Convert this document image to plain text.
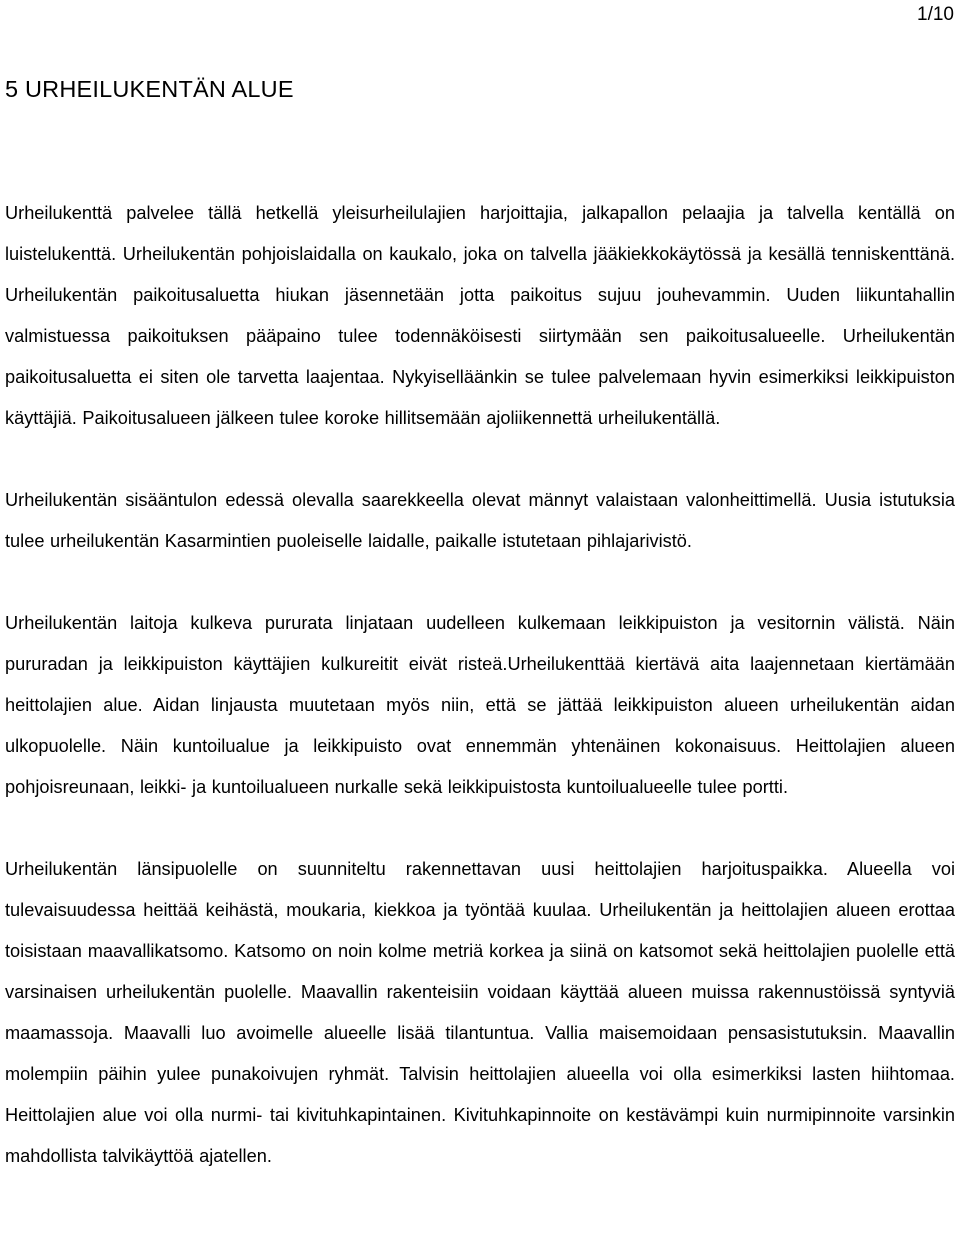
1/10
5 URHEILUKENTÄN ALUE

Urheilukenttä palvelee tällä hetkellä yleisurheilulajien harjoittajia, jalkapallon pelaajia ja talvella kentällä on luistelukenttä. Urheilukentän pohjoislaidalla on kaukalo, joka on talvella jääkiekkokäytössä ja kesällä tenniskenttänä. Urheilukentän paikoitusaluetta hiukan jäsennetään jotta paikoitus sujuu jouhevammin. Uuden liikuntahallin valmistuessa paikoituksen pääpaino tulee todennäköisesti siirtymään sen paikoitusalueelle. Urheilukentän paikoitusaluetta ei siten ole tarvetta laajentaa. Nykyiselläänkin se tulee palvelemaan hyvin esimerkiksi leikkipuiston käyttäjiä. Paikoitusalueen jälkeen tulee koroke hillitsemään ajoliikennettä urheilukentällä.

Urheilukentän sisääntulon edessä olevalla saarekkeella olevat männyt valaistaan valonheittimellä. Uusia istutuksia tulee urheilukentän Kasarmintien puoleiselle laidalle, paikalle istutetaan pihlajarivistö.

Urheilukentän laitoja kulkeva pururata linjataan uudelleen kulkemaan leikkipuiston ja vesitornin välistä. Näin pururadan ja leikkipuiston käyttäjien kulkureitit eivät risteä.Urheilukenttää kiertävä aita laajennetaan kiertämään heittolajien alue. Aidan linjausta muutetaan myös niin, että se jättää leikkipuiston alueen urheilukentän aidan ulkopuolelle. Näin kuntoilualue ja leikkipuisto ovat ennemmän yhtenäinen kokonaisuus. Heittolajien alueen pohjoisreunaan, leikki- ja kuntoilualueen nurkalle sekä leikkipuistosta kuntoilualueelle tulee portti.

Urheilukentän länsipuolelle on suunniteltu rakennettavan uusi heittolajien harjoituspaikka. Alueella voi tulevaisuudessa heittää keihästä, moukaria, kiekkoa ja työntää kuulaa. Urheilukentän ja heittolajien alueen erottaa toisistaan maavallikatsomo. Katsomo on noin kolme metriä korkea ja siinä on katsomot sekä heittolajien puolelle että varsinaisen urheilukentän puolelle. Maavallin rakenteisiin voidaan käyttää alueen muissa rakennustöissä syntyviä maamassoja. Maavalli luo avoimelle alueelle lisää tilantuntua. Vallia maisemoidaan pensasistutuksin. Maavallin molempiin päihin yulee punakoivujen ryhmät. Talvisin heittolajien alueella voi olla esimerkiksi lasten hiihtomaa. Heittolajien alue voi olla nurmi- tai kivituhkapintainen. Kivituhkapinnoite on kestävämpi kuin nurmipinnoite varsinkin mahdollista talvikäyttöä ajatellen.
